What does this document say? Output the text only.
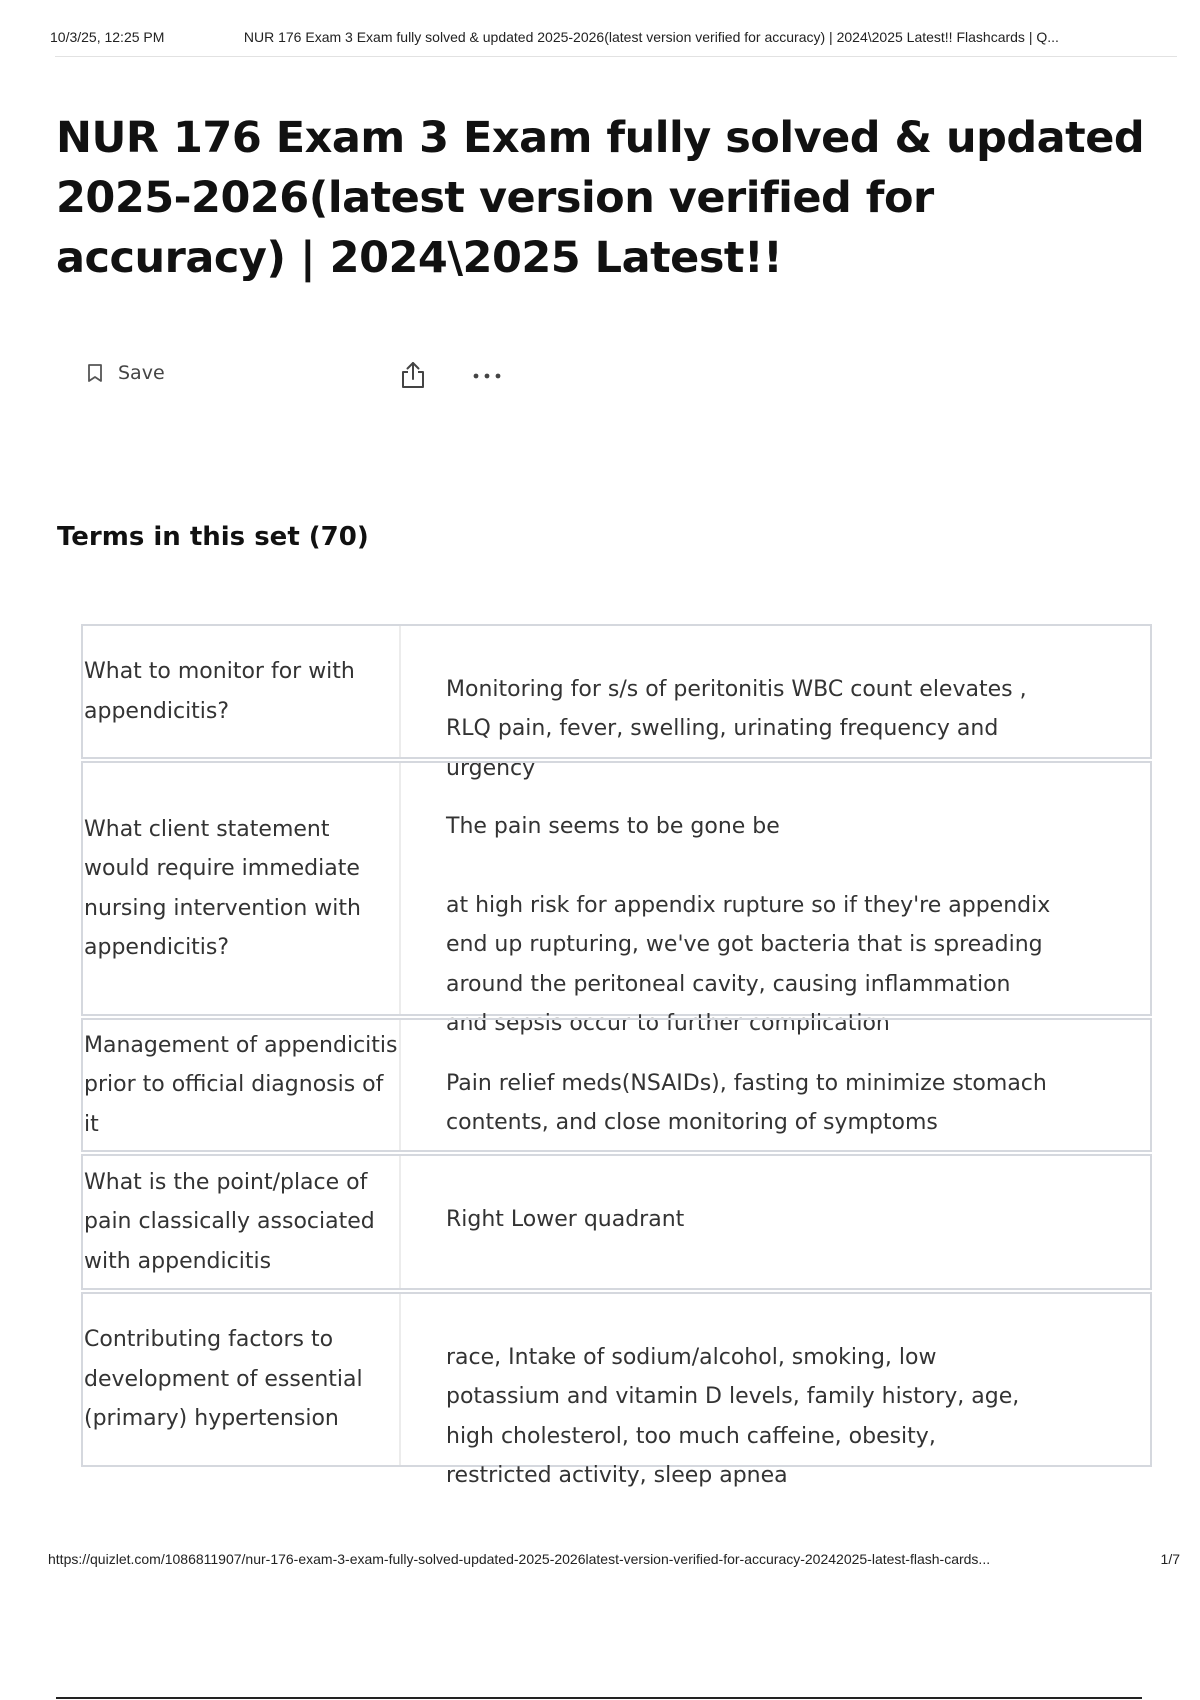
10/3/25, 12:25 PM	NUR 176 Exam 3 Exam fully solved & updated 2025-2026(latest version verified for accuracy) | 2024\2025 Latest!! Flashcards | Q...
NUR 176 Exam 3 Exam fully solved & updated 2025-2026(latest version verified for accuracy) | 2024\2025 Latest!!
Save
Terms in this set (70)
What to monitor for with appendicitis?

Monitoring for s/s of peritonitis WBC count elevates ,
RLQ pain, fever, swelling, urinating frequency and
urgency

What client statement would require immediate nursing intervention with appendicitis?

The pain seems to be gone be

at high risk for appendix rupture so if they're appendix
end up rupturing, we've got bacteria that is spreading
around the peritoneal cavity, causing inflammation
and sepsis occur to further complication

Management of appendicitis prior to official diagnosis of it

Pain relief meds(NSAIDs), fasting to minimize stomach
contents, and close monitoring of symptoms

What is the point/place of pain classically associated with appendicitis

Right Lower quadrant

Contributing factors to development of essential (primary) hypertension

race, Intake of sodium/alcohol, smoking, low
potassium and vitamin D levels, family history, age,
high cholesterol, too much caffeine, obesity,
restricted activity, sleep apnea

https://quizlet.com/1086811907/nur-176-exam-3-exam-fully-solved-updated-2025-2026latest-version-verified-for-accuracy-20242025-latest-flash-cards...	1/7
